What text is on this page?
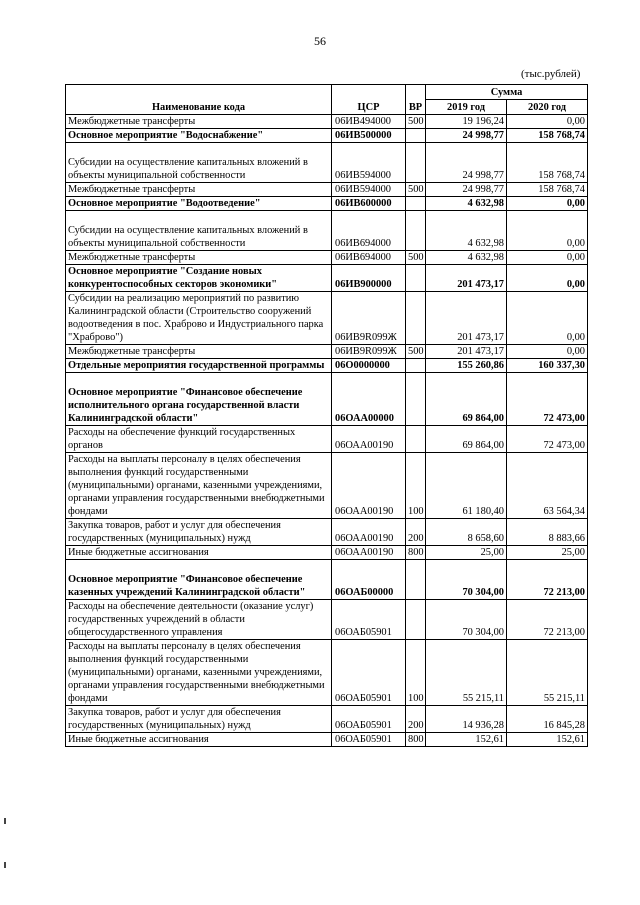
56
(тыс.рублей)
Наименование кода	ЦСР	ВР	Сумма	
			2019 год	2020 год
Межбюджетные трансферты	06ИВ494000	500	19 196,24	0,00
Основное мероприятие "Водоснабжение"	06ИВ500000		24 998,77	158 768,74

Субсидии на осуществление капитальных вложений в объекты муниципальной собственности	06ИВ594000		24 998,77	158 768,74
Межбюджетные трансферты	06ИВ594000	500	24 998,77	158 768,74
Основное мероприятие "Водоотведение"	06ИВ600000		4 632,98	0,00

Субсидии на осуществление капитальных вложений в объекты муниципальной собственности	06ИВ694000		4 632,98	0,00
Межбюджетные трансферты	06ИВ694000	500	4 632,98	0,00
Основное мероприятие "Создание новых конкурентоспособных секторов экономики"	06ИВ900000		201 473,17	0,00
Субсидии на реализацию мероприятий по развитию Калининградской области (Строительство сооружений водоотведения в пос. Храброво и Индустриального парка "Храброво")	06ИВ9R099Ж		201 473,17	0,00
Межбюджетные трансферты	06ИВ9R099Ж	500	201 473,17	0,00
Отдельные мероприятия государственной программы	06О0000000		155 260,86	160 337,30

Основное мероприятие "Финансовое обеспечение исполнительного органа государственной власти Калининградской области"	06ОАА00000		69 864,00	72 473,00
Расходы на обеспечение функций государственных органов	06ОАА00190		69 864,00	72 473,00
Расходы на выплаты персоналу в целях обеспечения выполнения функций государственными (муниципальными) органами, казенными учреждениями, органами управления государственными внебюджетными фондами	06ОАА00190	100	61 180,40	63 564,34
Закупка товаров, работ и услуг для обеспечения государственных (муниципальных) нужд	06ОАА00190	200	8 658,60	8 883,66
Иные бюджетные ассигнования	06ОАА00190	800	25,00	25,00

Основное мероприятие "Финансовое обеспечение казенных учреждений Калининградской области"	06ОАБ00000		70 304,00	72 213,00
Расходы на обеспечение деятельности (оказание услуг) государственных учреждений в области общегосударственного управления	06ОАБ05901		70 304,00	72 213,00
Расходы на выплаты персоналу в целях обеспечения выполнения функций государственными (муниципальными) органами, казенными учреждениями, органами управления государственными внебюджетными фондами	06ОАБ05901	100	55 215,11	55 215,11
Закупка товаров, работ и услуг для обеспечения государственных (муниципальных) нужд	06ОАБ05901	200	14 936,28	16 845,28
Иные бюджетные ассигнования	06ОАБ05901	800	152,61	152,61
